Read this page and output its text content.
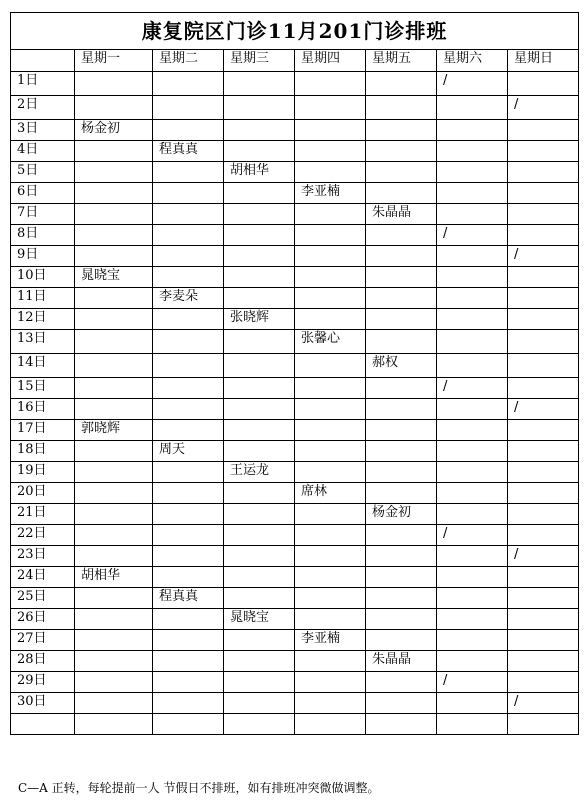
康复院区门诊11月201门诊排班							
	星期一	星期二	星期三	星期四	星期五	星期六	星期日
1日						/	
2日							/
3日	杨金初						
4日		程真真					
5日			胡相华				
6日				李亚楠			
7日					朱晶晶		
8日						/	
9日							/
10日	晁晓宝						
11日		李麦朵					
12日			张晓辉				
13日				张馨心			
14日					郝权		
15日						/	
16日							/
17日	郭晓辉						
18日		周天					
19日			王运龙				
20日				席林			
21日					杨金初		
22日						/	
23日							/
24日	胡相华						
25日		程真真					
26日			晁晓宝				
27日				李亚楠			
28日					朱晶晶		
29日						/	
30日							/

C—A 正转，每轮提前一人 节假日不排班，如有排班冲突微做调整。
